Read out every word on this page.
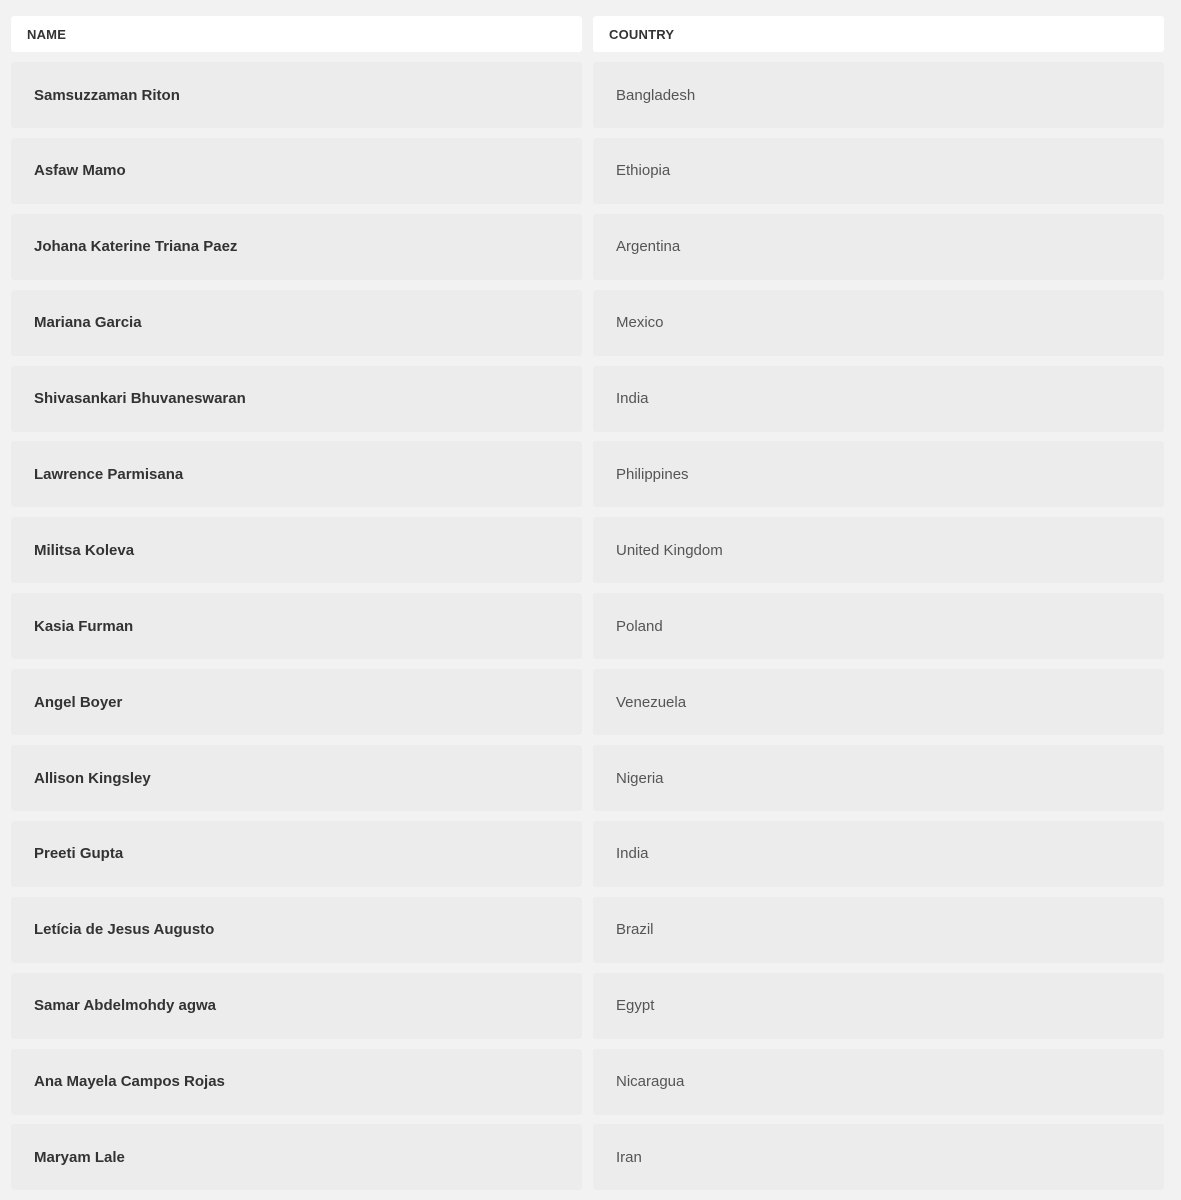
NAME	COUNTRY
Samsuzzaman Riton	Bangladesh
Asfaw Mamo	Ethiopia
Johana Katerine Triana Paez	Argentina
Mariana Garcia	Mexico
Shivasankari Bhuvaneswaran	India
Lawrence Parmisana	Philippines
Militsa Koleva	United Kingdom
Kasia Furman	Poland
Angel Boyer	Venezuela
Allison Kingsley	Nigeria
Preeti Gupta	India
Letícia de Jesus Augusto	Brazil
Samar Abdelmohdy agwa	Egypt
Ana Mayela Campos Rojas	Nicaragua
Maryam Lale	Iran
